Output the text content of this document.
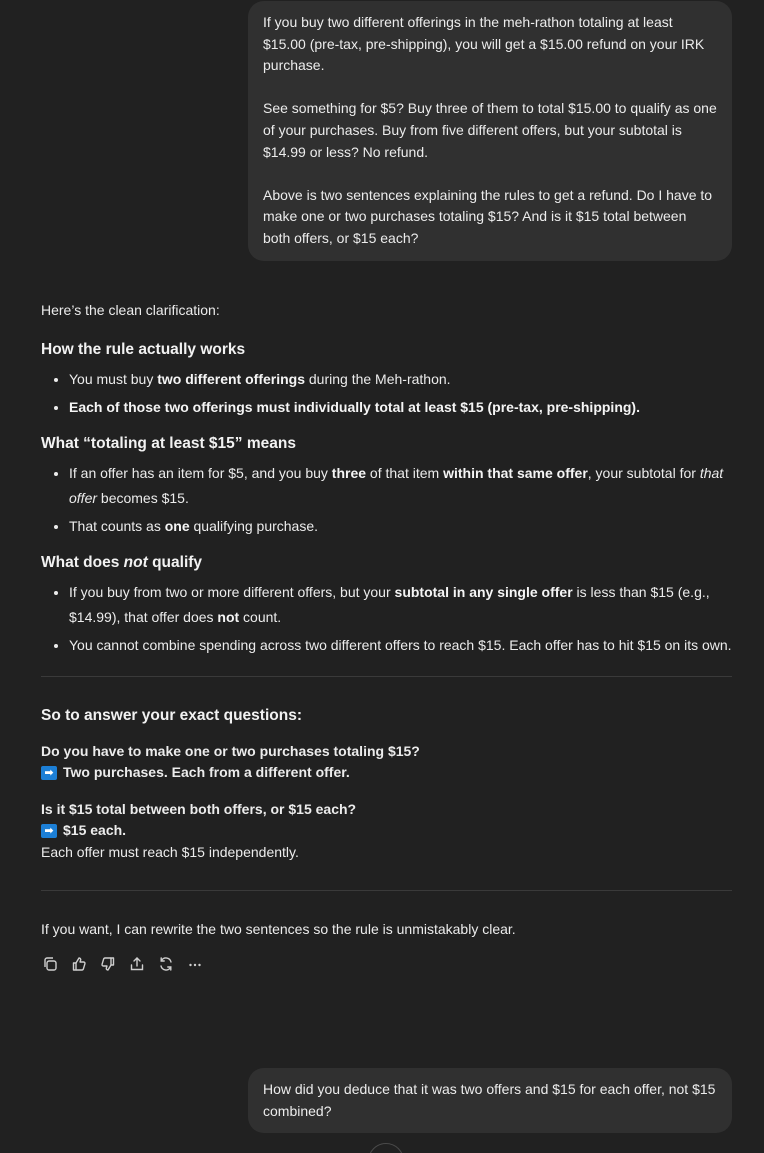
If you buy two different offerings in the meh-rathon totaling at least $15.00 (pre-tax, pre-shipping), you will get a $15.00 refund on your IRK purchase.

See something for $5? Buy three of them to total $15.00 to qualify as one of your purchases. Buy from five different offers, but your subtotal is $14.99 or less? No refund.

Above is two sentences explaining the rules to get a refund. Do I have to make one or two purchases totaling $15? And is it $15 total between both offers, or $15 each?

Here’s the clean clarification:

How the rule actually works
• You must buy two different offerings during the Meh-rathon.
• Each of those two offerings must individually total at least $15 (pre-tax, pre-shipping).
What “totaling at least $15” means
• If an offer has an item for $5, and you buy three of that item within that same offer, your subtotal for that offer becomes $15.
• That counts as one qualifying purchase.
What does not qualify
• If you buy from two or more different offers, but your subtotal in any single offer is less than $15 (e.g., $14.99), that offer does not count.
• You cannot combine spending across two different offers to reach $15. Each offer has to hit $15 on its own.
So to answer your exact questions:

Do you have to make one or two purchases totaling $15?

➡ Two purchases. Each from a different offer.

Is it $15 total between both offers, or $15 each?

➡ $15 each.

Each offer must reach $15 independently.

If you want, I can rewrite the two sentences so the rule is unmistakably clear.

How did you deduce that it was two offers and $15 for each offer, not $15 combined?
